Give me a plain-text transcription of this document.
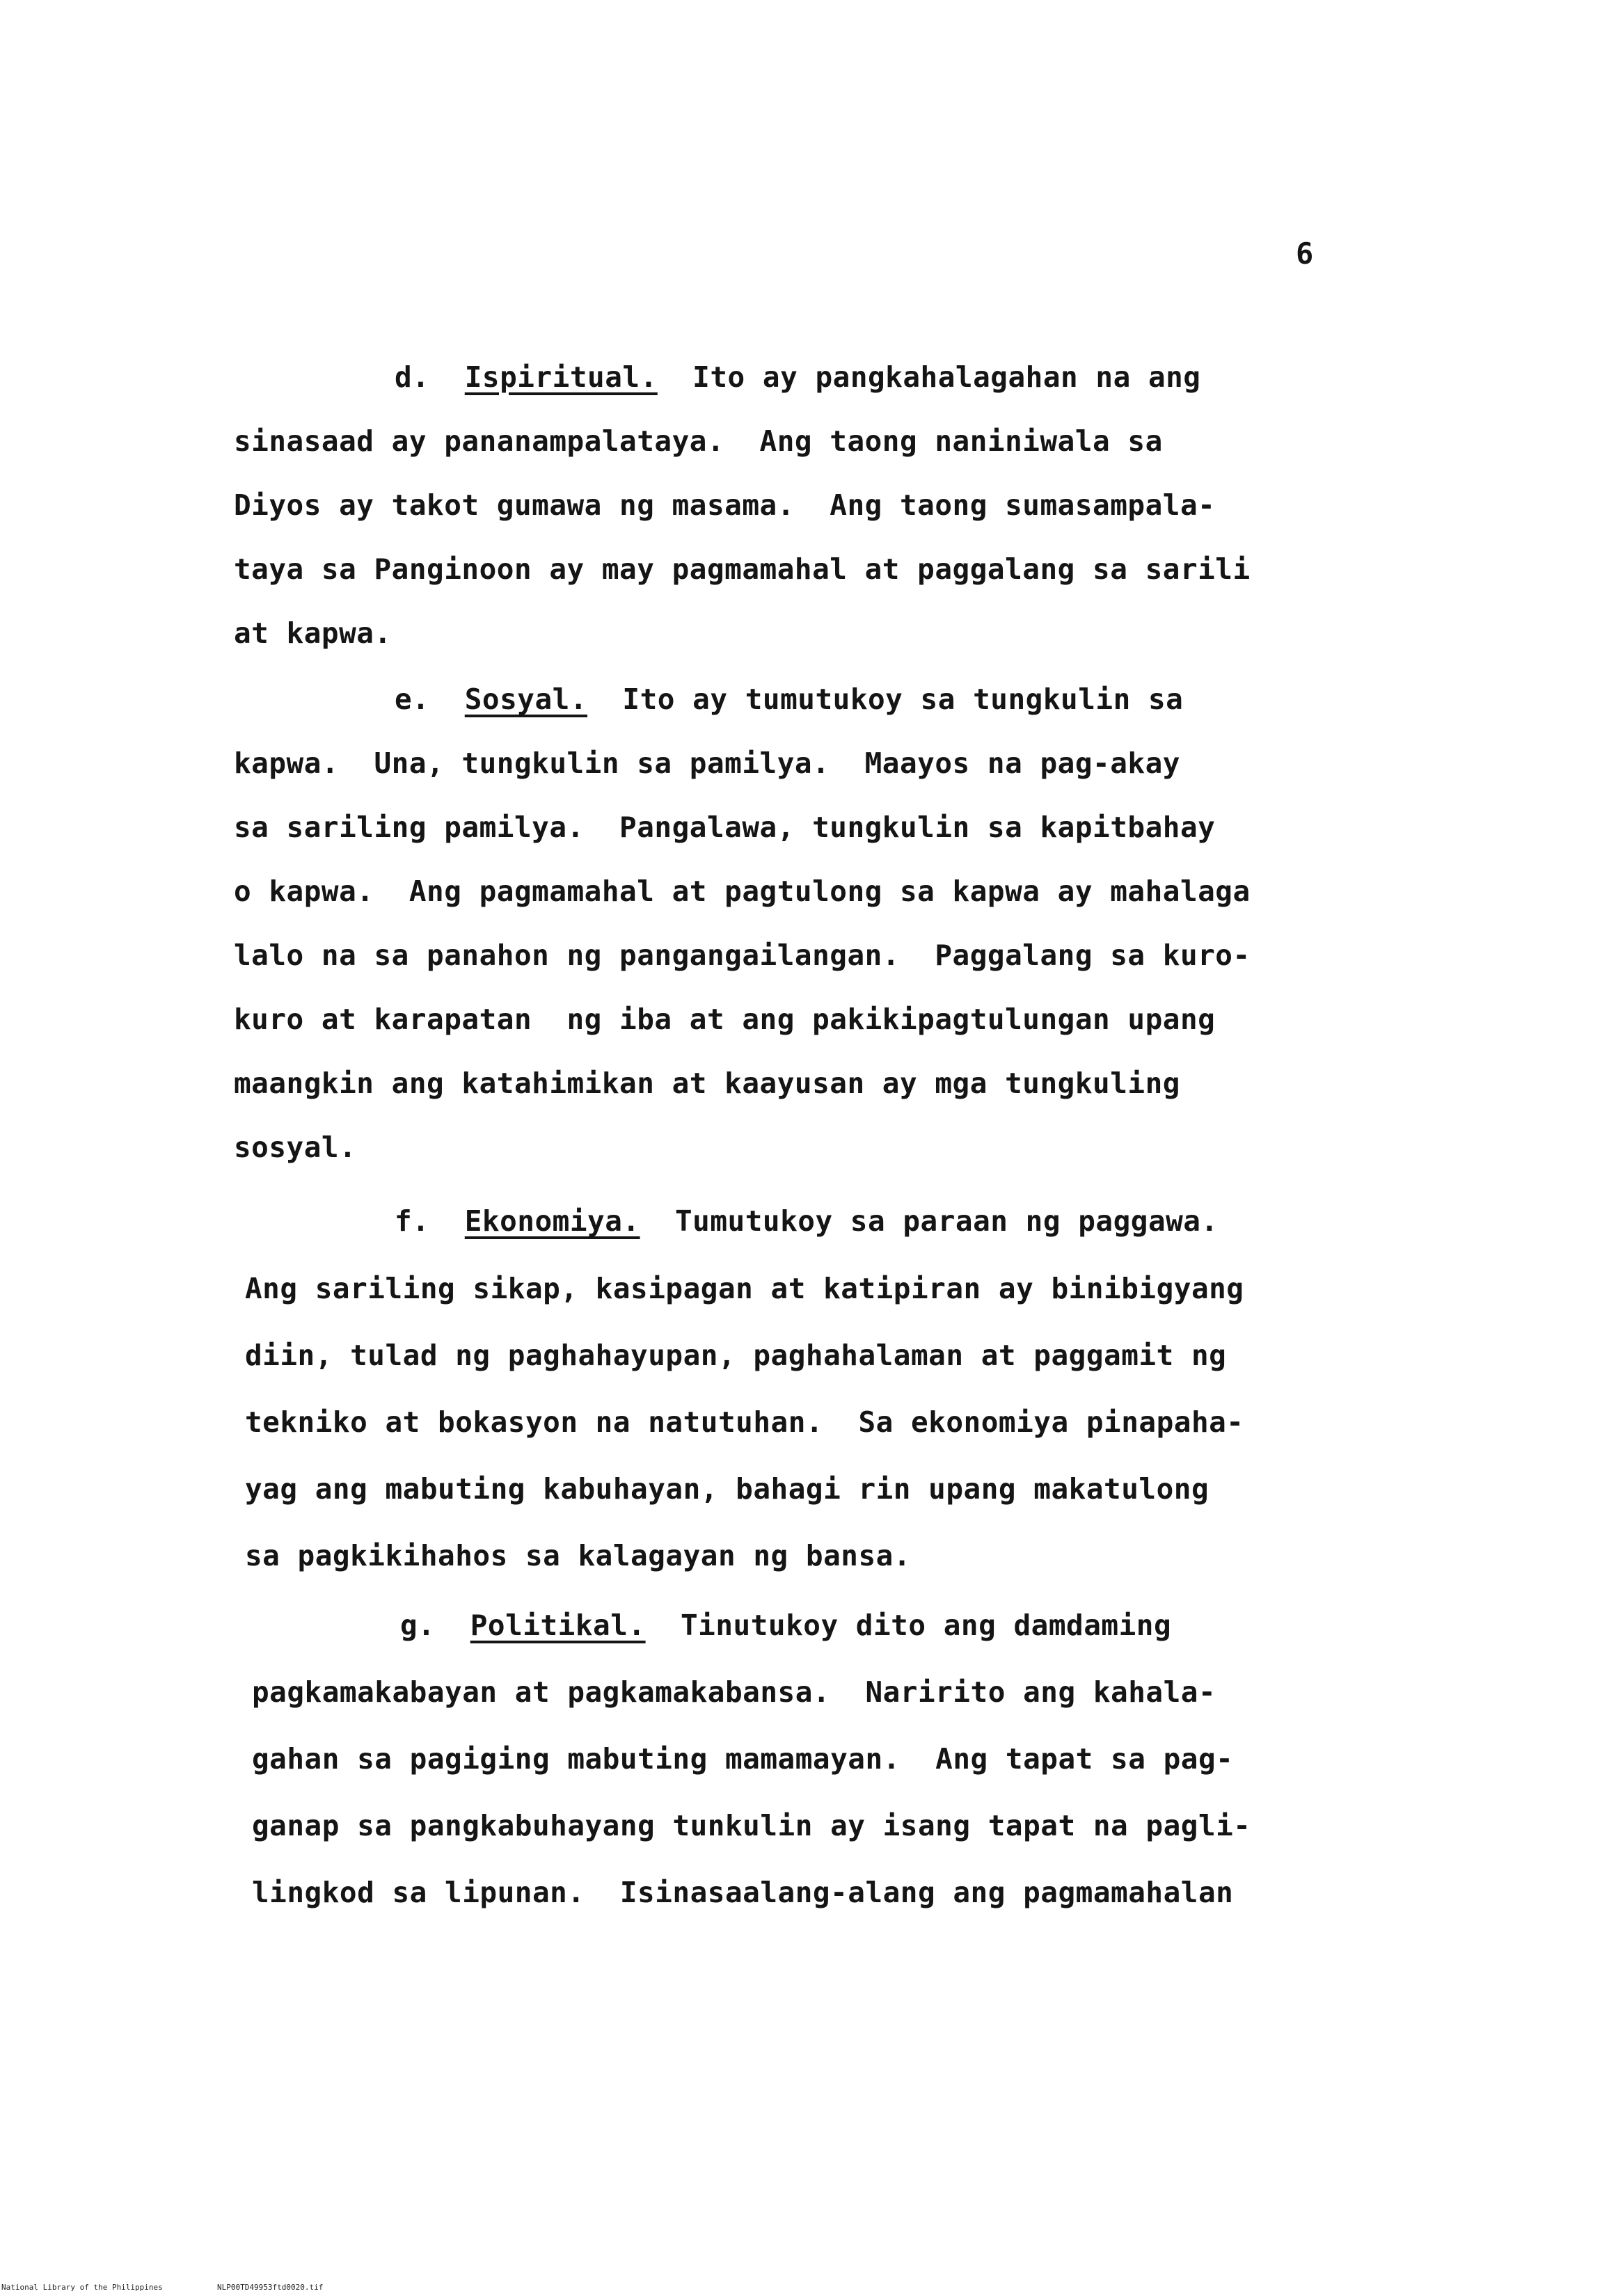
6
d. Ispiritual. Ito ay pangkahalagahan na ang
sinasaad ay pananampalataya.  Ang taong naniniwala sa
Diyos ay takot gumawa ng masama.  Ang taong sumasampala-
taya sa Panginoon ay may pagmamahal at paggalang sa sarili
at kapwa.
e. Sosyal. Ito ay tumutukoy sa tungkulin sa
kapwa.  Una, tungkulin sa pamilya.  Maayos na pag-akay
sa sariling pamilya.  Pangalawa, tungkulin sa kapitbahay
o kapwa.  Ang pagmamahal at pagtulong sa kapwa ay mahalaga
lalo na sa panahon ng pangangailangan.  Paggalang sa kuro-
kuro at karapatan  ng iba at ang pakikipagtulungan upang
maangkin ang katahimikan at kaayusan ay mga tungkuling
sosyal.
f. Ekonomiya. Tumutukoy sa paraan ng paggawa.
Ang sariling sikap, kasipagan at katipiran ay binibigyang
diin, tulad ng paghahayupan, paghahalaman at paggamit ng
tekniko at bokasyon na natutuhan.  Sa ekonomiya pinapaha-
yag ang mabuting kabuhayan, bahagi rin upang makatulong
sa pagkikihahos sa kalagayan ng bansa.
g. Politikal. Tinutukoy dito ang damdaming
pagkamakabayan at pagkamakabansa.  Naririto ang kahala-
gahan sa pagiging mabuting mamamayan.  Ang tapat sa pag-
ganap sa pangkabuhayang tunkulin ay isang tapat na pagli-
lingkod sa lipunan.  Isinasaalang-alang ang pagmamahalan
National Library of the Philippines	NLP00TD49953ftd0020.tif
